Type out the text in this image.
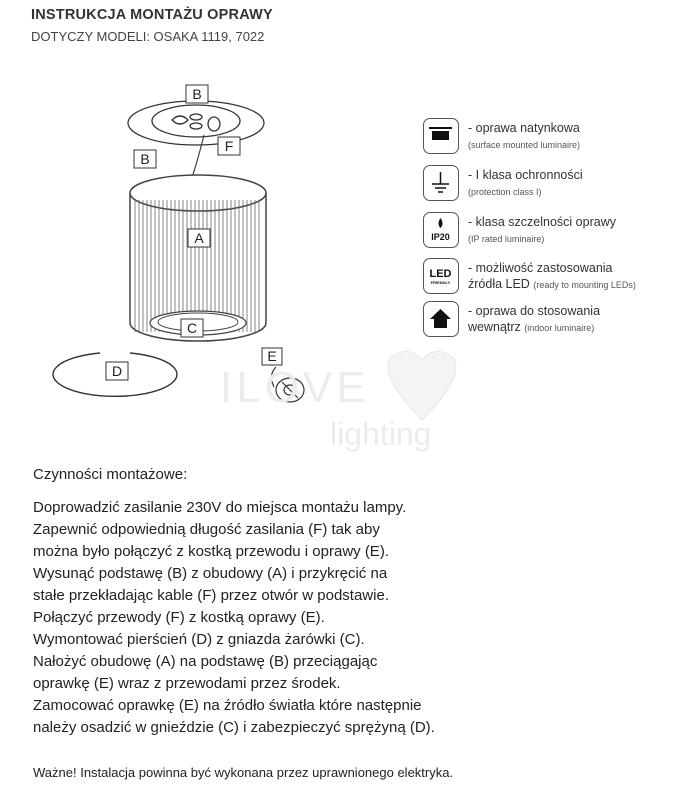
INSTRUKCJA MONTAŻU OPRAWY
DOTYCZY MODELI: OSAKA 1119, 7022
B
F
B
A
C
D
E
- oprawa natynkowa
(surface mounted luminaire)
- I klasa ochronności
(protection class I)
IP20
- klasa szczelności oprawy
(IP rated luminaire)
LED
FRIENDLY
- możliwość zastosowania
źródła LED (ready to mounting LEDs)
- oprawa do stosowania
wewnątrz (indoor luminaire)
ILOVE
lighting
Czynności montażowe:
Doprowadzić zasilanie 230V do miejsca montażu lampy.
Zapewnić odpowiednią długość zasilania (F) tak aby
można było połączyć z kostką przewodu i oprawy (E).
Wysunąć podstawę (B) z obudowy (A) i przykręcić na
stałe przekładając kable (F) przez otwór w podstawie.
Połączyć przewody (F) z kostką oprawy (E).
Wymontować pierścień (D) z gniazda żarówki (C).
Nałożyć obudowę (A) na podstawę (B) przeciągając
oprawkę (E) wraz z przewodami przez środek.
Zamocować oprawkę (E) na źródło światła które następnie
należy osadzić w gnieździe (C) i zabezpieczyć sprężyną (D).
Ważne! Instalacja powinna być wykonana przez uprawnionego elektryka.
